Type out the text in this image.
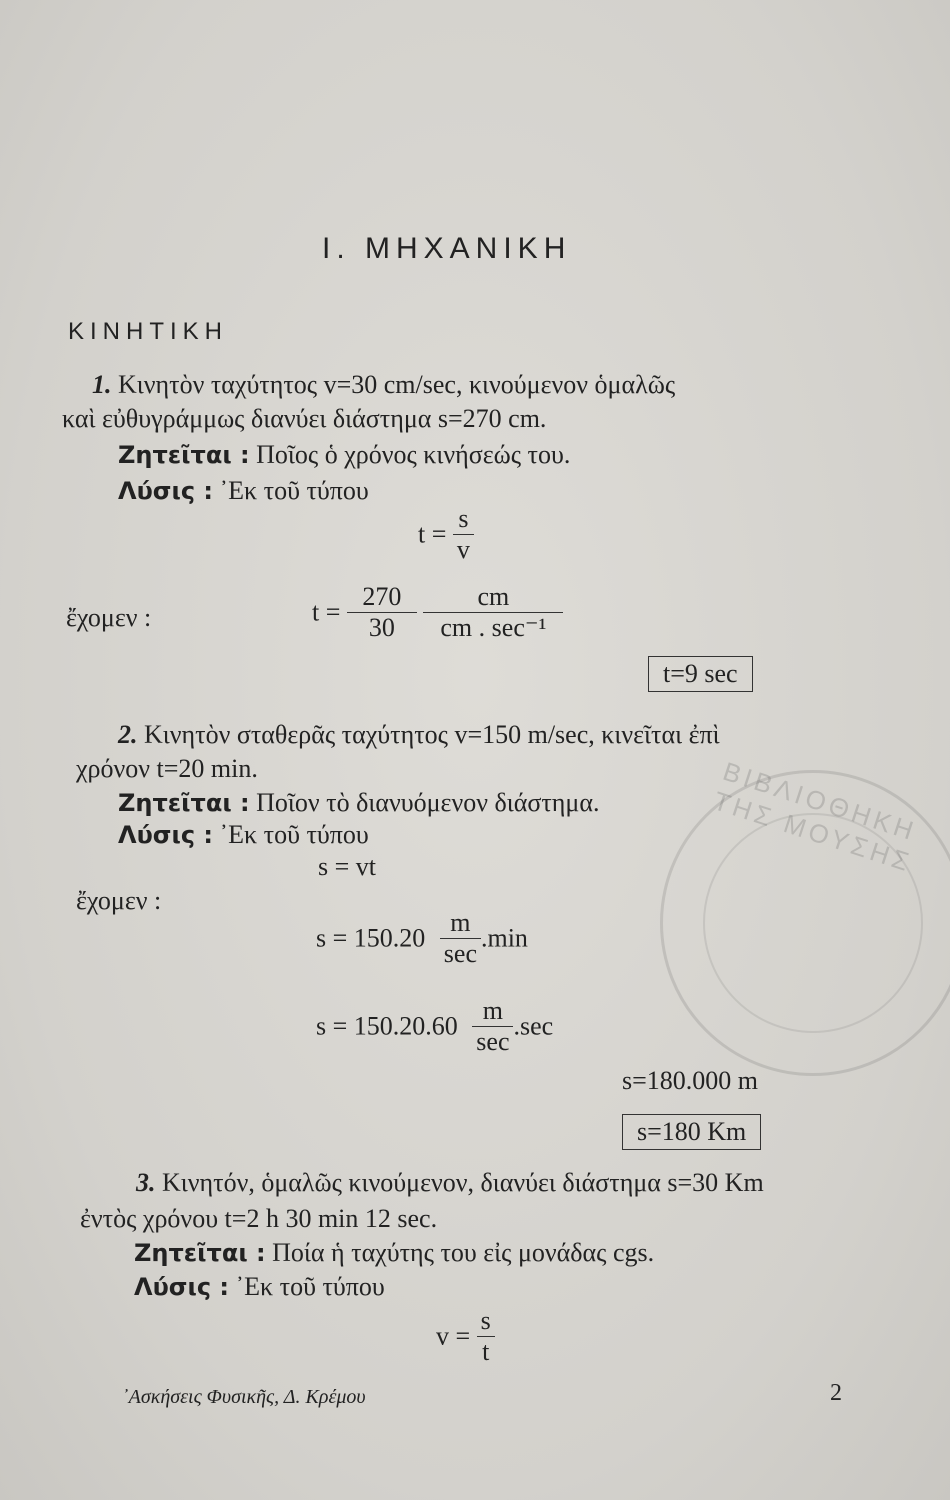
ΒΙΒΛΙΟΘΗΚΗ ΤΗΣ ΜΟΥΣΗΣ
Ι. ΜΗΧΑΝΙΚΗ
ΚΙΝΗΤΙΚΗ
1. Κινητὸν ταχύτητος v=30 cm/sec, κινούμενον ὁμαλῶς
καὶ εὐθυγράμμως διανύει διάστημα s=270 cm.
Ζητεῖται : Ποῖος ὁ χρόνος κινήσεώς του.
Λύσις : ᾿Εκ τοῦ τύπου
$t = \frac{s}{v}$
ἔχομεν :	$t = \frac{270}{30}$
$\frac{cm}{\text{cm . sec⁻¹}}$
t=9 sec
2. Κινητὸν σταθερᾶς ταχύτητος v=150 m/sec, κινεῖται ἐπὶ
χρόνον t=20 min.
Ζητεῖται : Ποῖον τὸ διανυόμενον διάστημα.
Λύσις : ᾿Εκ τοῦ τύπου
s = vt
ἔχομεν :
$s = 150.20 \frac{m}{\sec} .\min$
$s = 150.20.60 \frac{m}{\sec} .\sec$
s=180.000 m
s=180 Km
3. Κινητόν, ὁμαλῶς κινούμενον, διανύει διάστημα s=30 Km
ἐντὸς χρόνου t=2 h 30 min 12 sec.
Ζητεῖται : Ποία ἡ ταχύτης του εἰς μονάδας cgs.
Λύσις : ᾿Εκ τοῦ τύπου
$v = \frac{s}{t}$
᾿Ασκήσεις Φυσικῆς, Δ. Κρέμου	2
